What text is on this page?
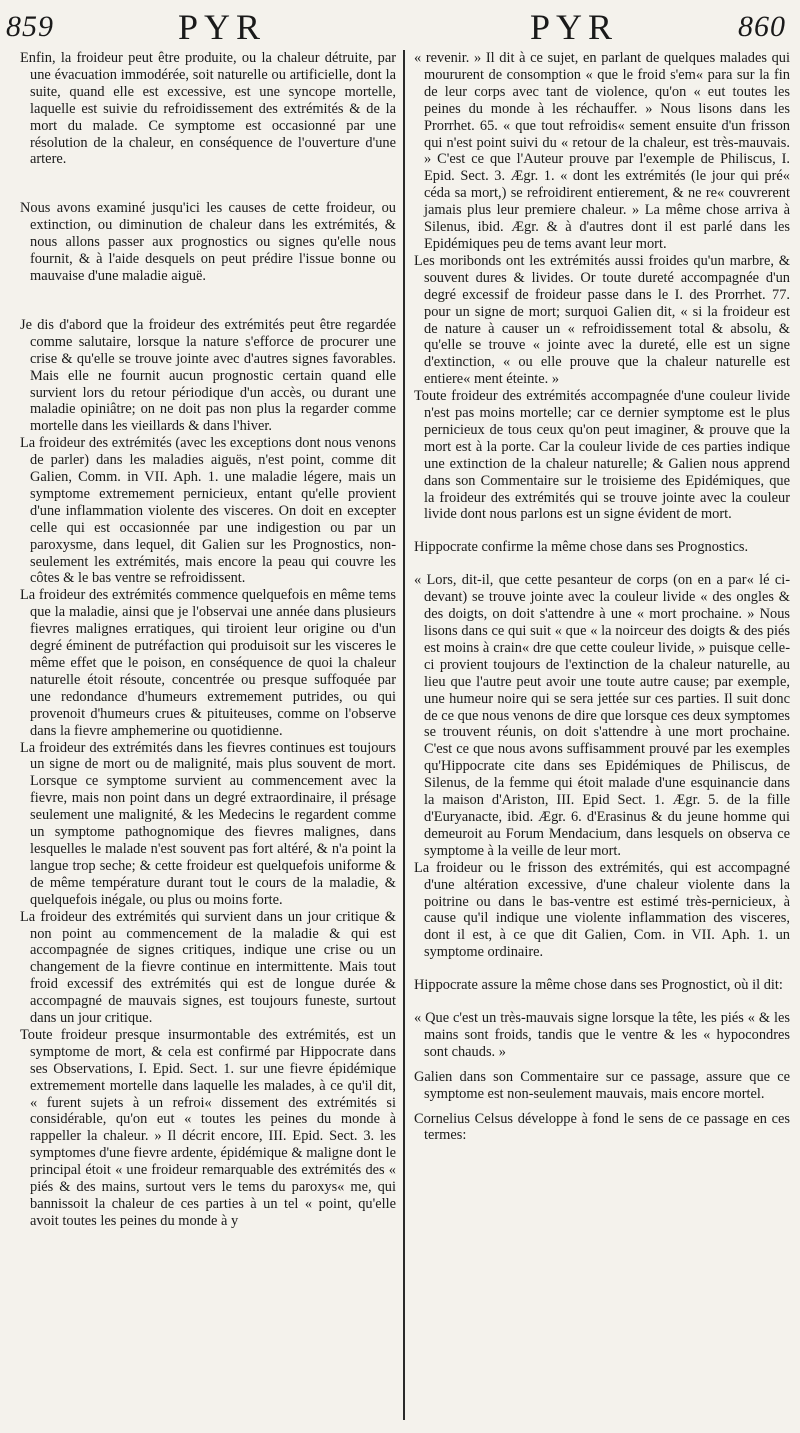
859	PYR	PYR	860

Enfin, la froideur peut être produite, ou la chaleur détruite, par une évacuation immodérée, soit naturelle ou artificielle, dont la suite, quand elle est excessive, est une syncope mortelle, laquelle est suivie du refroidissement des extrémités & de la mort du malade. Ce symptome est occasionné par une résolution de la chaleur, en conséquence de l'ouverture d'une artere.

Nous avons examiné jusqu'ici les causes de cette froideur, ou extinction, ou diminution de chaleur dans les extrémités, & nous allons passer aux prognostics ou signes qu'elle nous fournit, & à l'aide desquels on peut prédire l'issue bonne ou mauvaise d'une maladie aiguë.

Je dis d'abord que la froideur des extrémités peut être regardée comme salutaire, lorsque la nature s'efforce de procurer une crise & qu'elle se trouve jointe avec d'autres signes favorables. Mais elle ne fournit aucun prognostic certain quand elle survient lors du retour périodique d'un accès, ou durant une maladie opiniâtre; on ne doit pas non plus la regarder comme mortelle dans les vieillards & dans l'hiver.

La froideur des extrémités (avec les exceptions dont nous venons de parler) dans les maladies aiguës, n'est point, comme dit Galien, Comm. in VII. Aph. 1. une maladie légere, mais un symptome extremement pernicieux, entant qu'elle provient d'une inflammation violente des visceres. On doit en excepter celle qui est occasionnée par une indigestion ou par un paroxysme, dans lequel, dit Galien sur les Prognostics, non-seulement les extrémités, mais encore la peau qui couvre les côtes & le bas ventre se refroidissent.

La froideur des extrémités commence quelquefois en même tems que la maladie, ainsi que je l'observai une année dans plusieurs fievres malignes erratiques, qui tiroient leur origine ou d'un degré éminent de putréfaction qui produisoit sur les visceres le même effet que le poison, en conséquence de quoi la chaleur naturelle étoit résoute, concentrée ou presque suffoquée par une redondance d'humeurs extremement putrides, ou qui provenoit d'humeurs crues & pituiteuses, comme on l'observe dans la fievre amphemerine ou quotidienne.

La froideur des extrémités dans les fievres continues est toujours un signe de mort ou de malignité, mais plus souvent de mort. Lorsque ce symptome survient au commencement avec la fievre, mais non point dans un degré extraordinaire, il présage seulement une malignité, & les Medecins le regardent comme un symptome pathognomique des fievres malignes, dans lesquelles le malade n'est souvent pas fort altéré, & n'a point la langue trop seche; & cette froideur est quelquefois uniforme & de même température durant tout le cours de la maladie, & quelquefois inégale, ou plus ou moins forte.

La froideur des extrémités qui survient dans un jour critique & non point au commencement de la maladie & qui est accompagnée de signes critiques, indique une crise ou un changement de la fievre continue en intermittente. Mais tout froid excessif des extrémités qui est de longue durée & accompagné de mauvais signes, est toujours funeste, surtout dans un jour critique.

Toute froideur presque insurmontable des extrémités, est un symptome de mort, & cela est confirmé par Hippocrate dans ses Observations, I. Epid. Sect. 1. sur une fievre épidémique extremement mortelle dans laquelle les malades, à ce qu'il dit, « furent sujets à un refroi« dissement des extrémités si considérable, qu'on eut « toutes les peines du monde à rappeller la chaleur. » Il décrit encore, III. Epid. Sect. 3. les symptomes d'une fievre ardente, épidémique & maligne dont le principal étoit « une froideur remarquable des extrémités des « piés & des mains, surtout vers le tems du paroxys« me, qui bannissoit la chaleur de ces parties à un tel « point, qu'elle avoit toutes les peines du monde à y

« revenir. » Il dit à ce sujet, en parlant de quelques malades qui moururent de consomption « que le froid s'em« para sur la fin de leur corps avec tant de violence, qu'on « eut toutes les peines du monde à les réchauffer. » Nous lisons dans les Prorrhet. 65. « que tout refroidis« sement ensuite d'un frisson qui n'est point suivi du « retour de la chaleur, est très-mauvais. » C'est ce que l'Auteur prouve par l'exemple de Philiscus, I. Epid. Sect. 3. Ægr. 1. « dont les extrémités (le jour qui pré« céda sa mort,) se refroidirent entierement, & ne re« couvrerent jamais plus leur premiere chaleur. » La même chose arriva à Silenus, ibid. Ægr. & à d'autres dont il est parlé dans les Epidémiques peu de tems avant leur mort.

Les moribonds ont les extrémités aussi froides qu'un marbre, & souvent dures & livides. Or toute dureté accompagnée d'un degré excessif de froideur passe dans le I. des Prorrhet. 77. pour un signe de mort; surquoi Galien dit, « si la froideur est de nature à causer un « refroidissement total & absolu, & qu'elle se trouve « jointe avec la dureté, elle est un signe d'extinction, « ou elle prouve que la chaleur naturelle est entiere« ment éteinte. »

Toute froideur des extrémités accompagnée d'une couleur livide n'est pas moins mortelle; car ce dernier symptome est le plus pernicieux de tous ceux qu'on peut imaginer, & prouve que la mort est à la porte. Car la couleur livide de ces parties indique une extinction de la chaleur naturelle; & Galien nous apprend dans son Commentaire sur le troisieme des Epidémiques, que la froideur des extrémités qui se trouve jointe avec la couleur livide dont nous parlons est un signe évident de mort.

Hippocrate confirme la même chose dans ses Prognostics.

« Lors, dit-il, que cette pesanteur de corps (on en a par« lé ci-devant) se trouve jointe avec la couleur livide « des ongles & des doigts, on doit s'attendre à une « mort prochaine. » Nous lisons dans ce qui suit « que « la noirceur des doigts & des piés est moins à crain« dre que cette couleur livide, » puisque celle-ci provient toujours de l'extinction de la chaleur naturelle, au lieu que l'autre peut avoir une toute autre cause; par exemple, une humeur noire qui se sera jettée sur ces parties. Il suit donc de ce que nous venons de dire que lorsque ces deux symptomes se trouvent réunis, on doit s'attendre à une mort prochaine. C'est ce que nous avons suffisamment prouvé par les exemples qu'Hippocrate cite dans ses Epidémiques de Philiscus, de Silenus, de la femme qui étoit malade d'une esquinancie dans la maison d'Ariston, III. Epid Sect. 1. Ægr. 5. de la fille d'Euryanacte, ibid. Ægr. 6. d'Erasinus & du jeune homme qui demeuroit au Forum Mendacium, dans lesquels on observa ce symptome à la veille de leur mort.

La froideur ou le frisson des extrémités, qui est accompagné d'une altération excessive, d'une chaleur violente dans la poitrine ou dans le bas-ventre est estimé très-pernicieux, à cause qu'il indique une violente inflammation des visceres, dont il est, à ce que dit Galien, Com. in VII. Aph. 1. un symptome ordinaire.

Hippocrate assure la même chose dans ses Prognostict, où il dit:

« Que c'est un très-mauvais signe lorsque la tête, les piés « & les mains sont froids, tandis que le ventre & les « hypocondres sont chauds. »

Galien dans son Commentaire sur ce passage, assure que ce symptome est non-seulement mauvais, mais encore mortel.

Cornelius Celsus développe à fond le sens de ce passage en ces termes:
